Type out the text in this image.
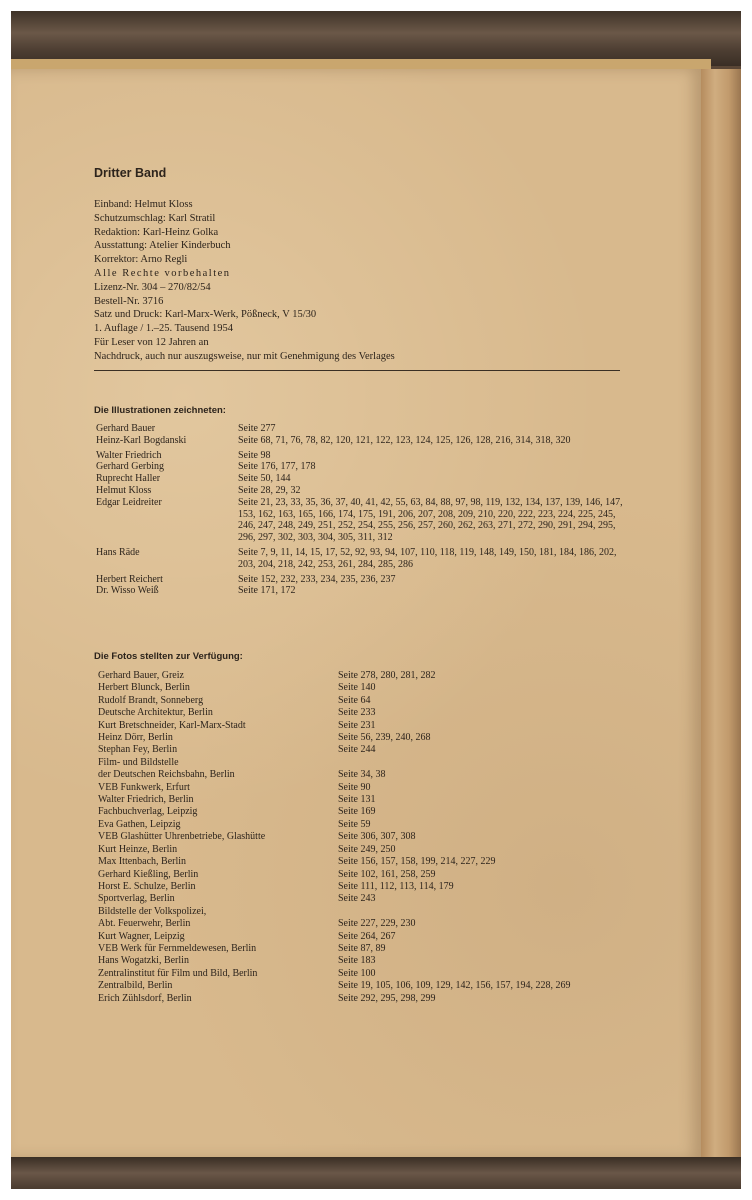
Dritter Band
Einband: Helmut Kloss
Schutzumschlag: Karl Stratil
Redaktion: Karl-Heinz Golka
Ausstattung: Atelier Kinderbuch
Korrektor: Arno Regli
Alle Rechte vorbehalten
Lizenz-Nr. 304 – 270/82/54
Bestell-Nr. 3716
Satz und Druck: Karl-Marx-Werk, Pößneck, V 15/30
1. Auflage / 1.–25. Tausend 1954
Für Leser von 12 Jahren an
Nachdruck, auch nur auszugsweise, nur mit Genehmigung des Verlages
Die Illustrationen zeichneten:
Gerhard Bauer	Seite 277
Heinz-Karl Bogdanski	Seite 68, 71, 76, 78, 82, 120, 121, 122, 123, 124, 125, 126, 128, 216, 314, 318, 320
Walter Friedrich	Seite 98
Gerhard Gerbing	Seite 176, 177, 178
Ruprecht Haller	Seite 50, 144
Helmut Kloss	Seite 28, 29, 32
Edgar Leidreiter	Seite 21, 23, 33, 35, 36, 37, 40, 41, 42, 55, 63, 84, 88, 97, 98, 119, 132, 134, 137, 139, 146, 147, 153, 162, 163, 165, 166, 174, 175, 191, 206, 207, 208, 209, 210, 220, 222, 223, 224, 225, 245, 246, 247, 248, 249, 251, 252, 254, 255, 256, 257, 260, 262, 263, 271, 272, 290, 291, 294, 295, 296, 297, 302, 303, 304, 305, 311, 312
Hans Räde	Seite 7, 9, 11, 14, 15, 17, 52, 92, 93, 94, 107, 110, 118, 119, 148, 149, 150, 181, 184, 186, 202, 203, 204, 218, 242, 253, 261, 284, 285, 286
Herbert Reichert	Seite 152, 232, 233, 234, 235, 236, 237
Dr. Wisso Weiß	Seite 171, 172
Die Fotos stellten zur Verfügung:
Gerhard Bauer, Greiz	Seite 278, 280, 281, 282
Herbert Blunck, Berlin	Seite 140
Rudolf Brandt, Sonneberg	Seite 64
Deutsche Architektur, Berlin	Seite 233
Kurt Bretschneider, Karl-Marx-Stadt	Seite 231
Heinz Dörr, Berlin	Seite 56, 239, 240, 268
Stephan Fey, Berlin	Seite 244
Film- und Bildstelle
der Deutschen Reichsbahn, Berlin	Seite 34, 38
VEB Funkwerk, Erfurt	Seite 90
Walter Friedrich, Berlin	Seite 131
Fachbuchverlag, Leipzig	Seite 169
Eva Gathen, Leipzig	Seite 59
VEB Glashütter Uhrenbetriebe, Glashütte	Seite 306, 307, 308
Kurt Heinze, Berlin	Seite 249, 250
Max Ittenbach, Berlin	Seite 156, 157, 158, 199, 214, 227, 229
Gerhard Kießling, Berlin	Seite 102, 161, 258, 259
Horst E. Schulze, Berlin	Seite 111, 112, 113, 114, 179
Sportverlag, Berlin	Seite 243
Bildstelle der Volkspolizei,
Abt. Feuerwehr, Berlin	Seite 227, 229, 230
Kurt Wagner, Leipzig	Seite 264, 267
VEB Werk für Fernmeldewesen, Berlin	Seite 87, 89
Hans Wogatzki, Berlin	Seite 183
Zentralinstitut für Film und Bild, Berlin	Seite 100
Zentralbild, Berlin	Seite 19, 105, 106, 109, 129, 142, 156, 157, 194, 228, 269
Erich Zühlsdorf, Berlin	Seite 292, 295, 298, 299
